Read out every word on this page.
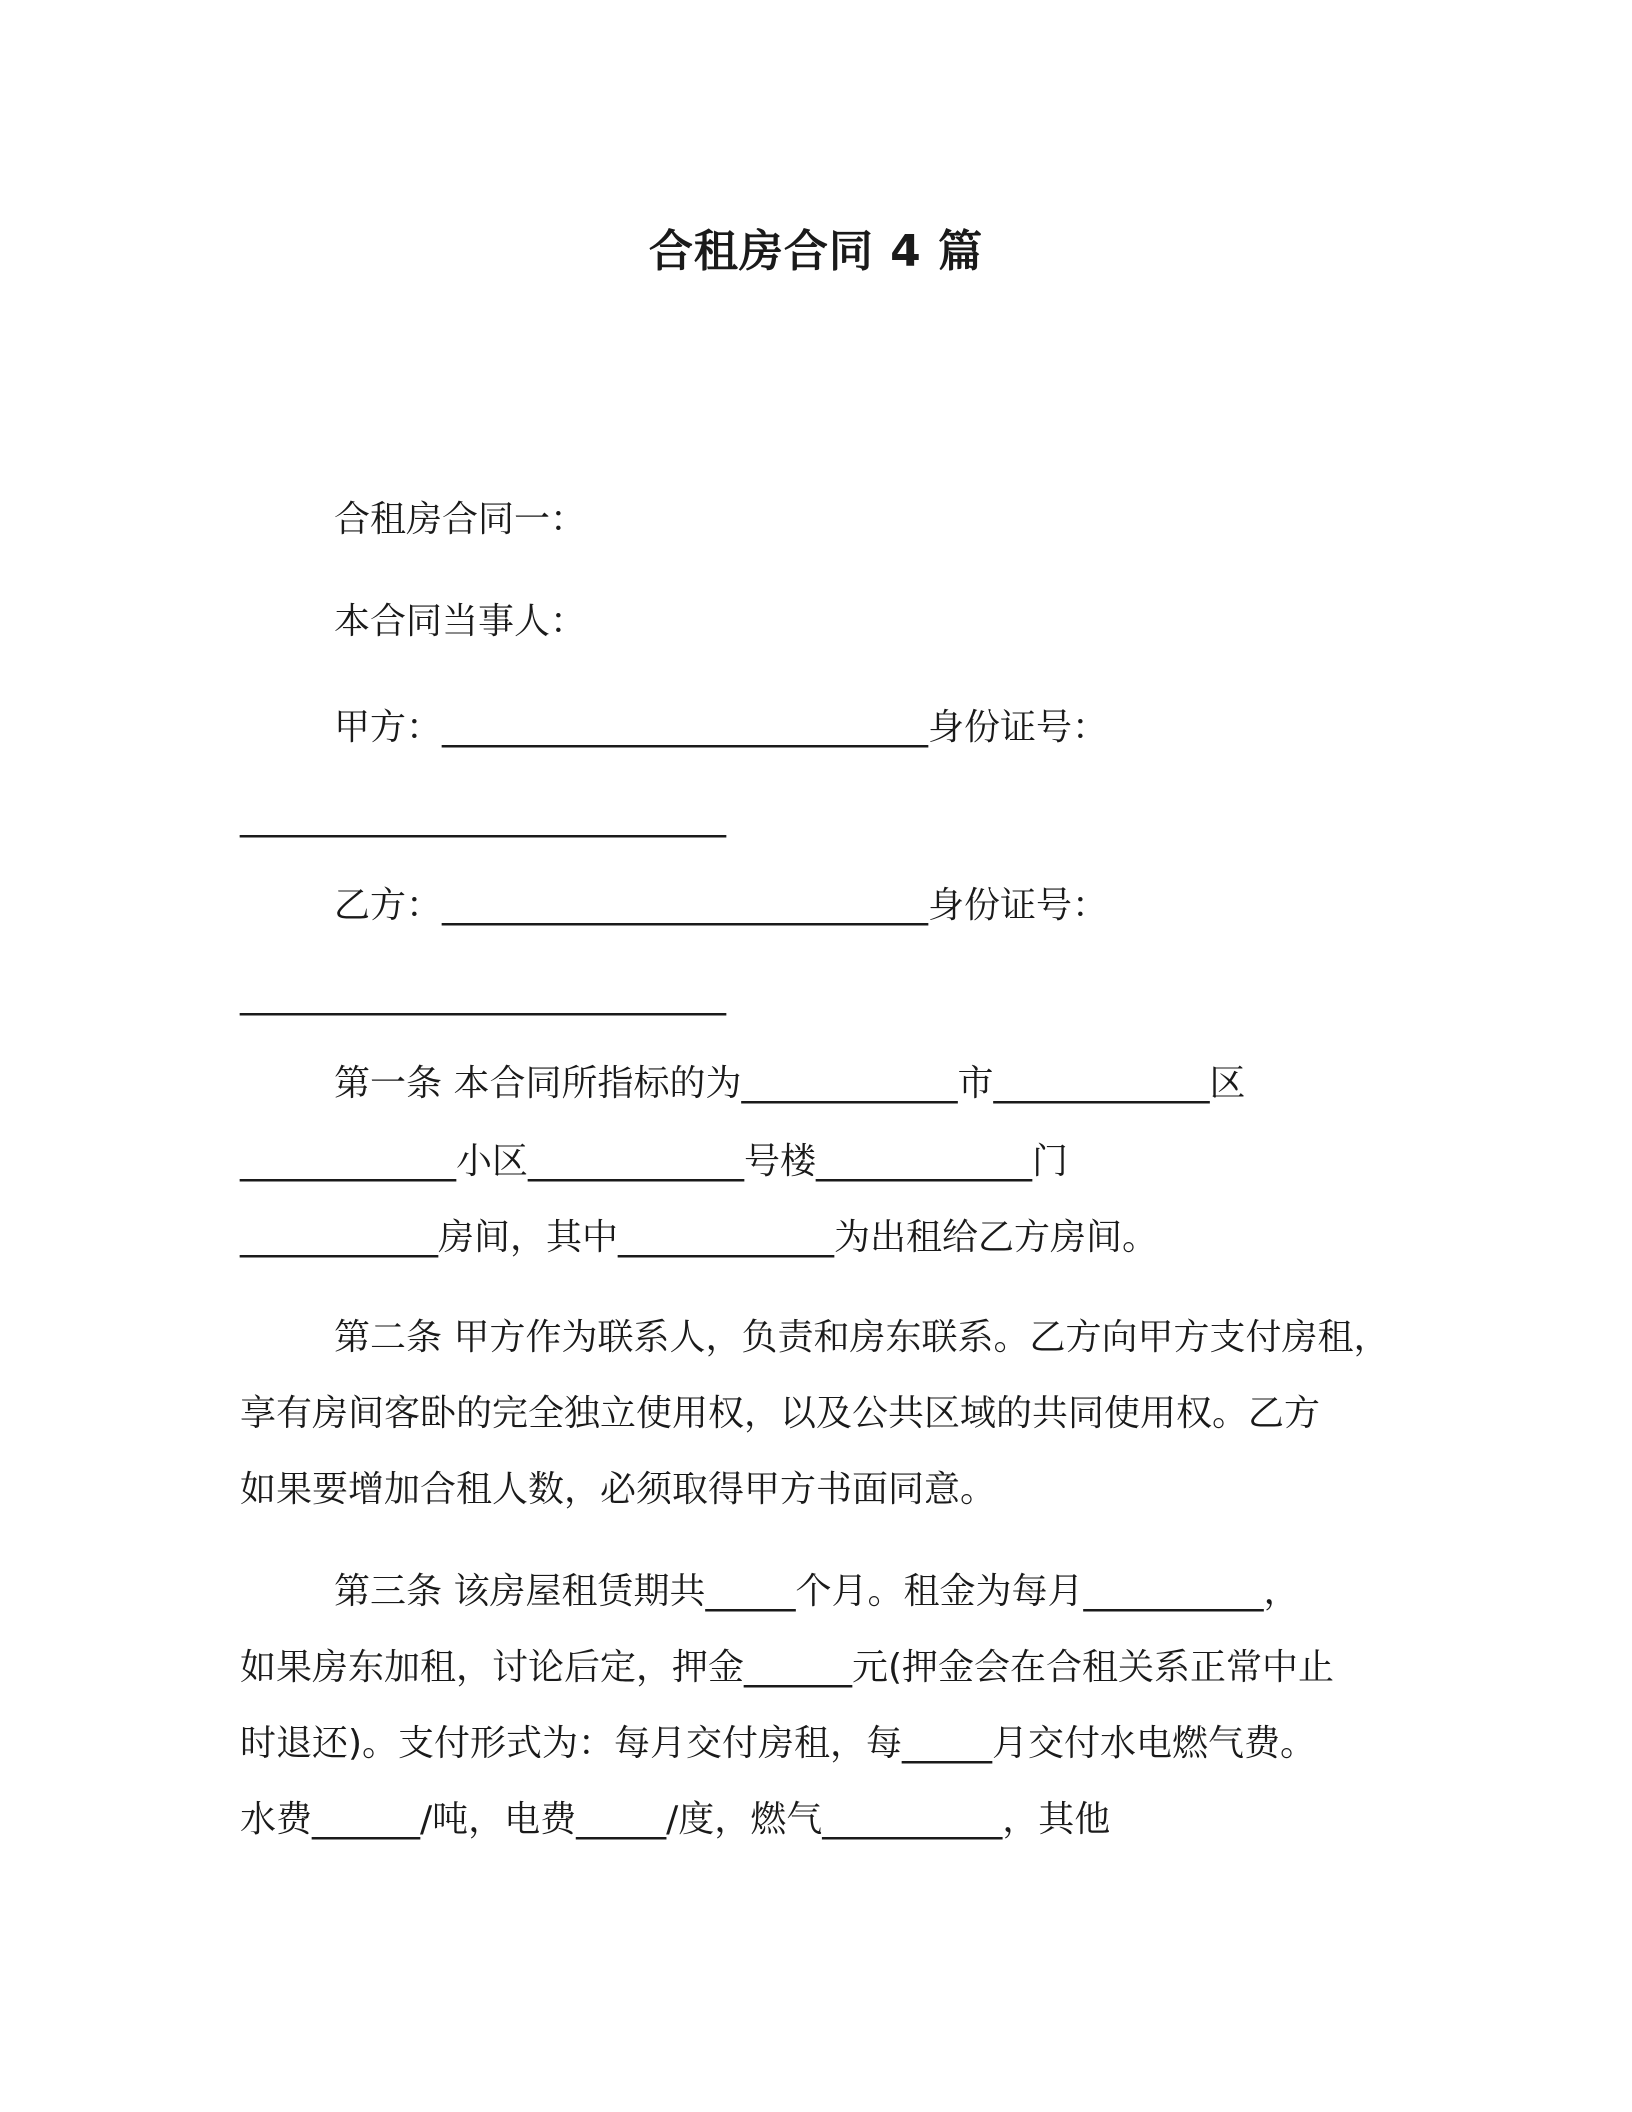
合租房合同 4 篇
合租房合同一：
本合同当事人：
甲方：___________________________身份证号：
___________________________
乙方：___________________________身份证号：
___________________________
第一条 本合同所指标的为____________市____________区
____________小区____________号楼____________门
___________房间，其中____________为出租给乙方房间。
第二条 甲方作为联系人，负责和房东联系。乙方向甲方支付房租，
享有房间客卧的完全独立使用权，以及公共区域的共同使用权。乙方
如果要增加合租人数，必须取得甲方书面同意。
第三条 该房屋租赁期共_____个月。租金为每月__________，
如果房东加租，讨论后定，押金______元(押金会在合租关系正常中止
时退还)。支付形式为：每月交付房租，每_____月交付水电燃气费。
水费______/吨，电费_____/度，燃气__________，其他
